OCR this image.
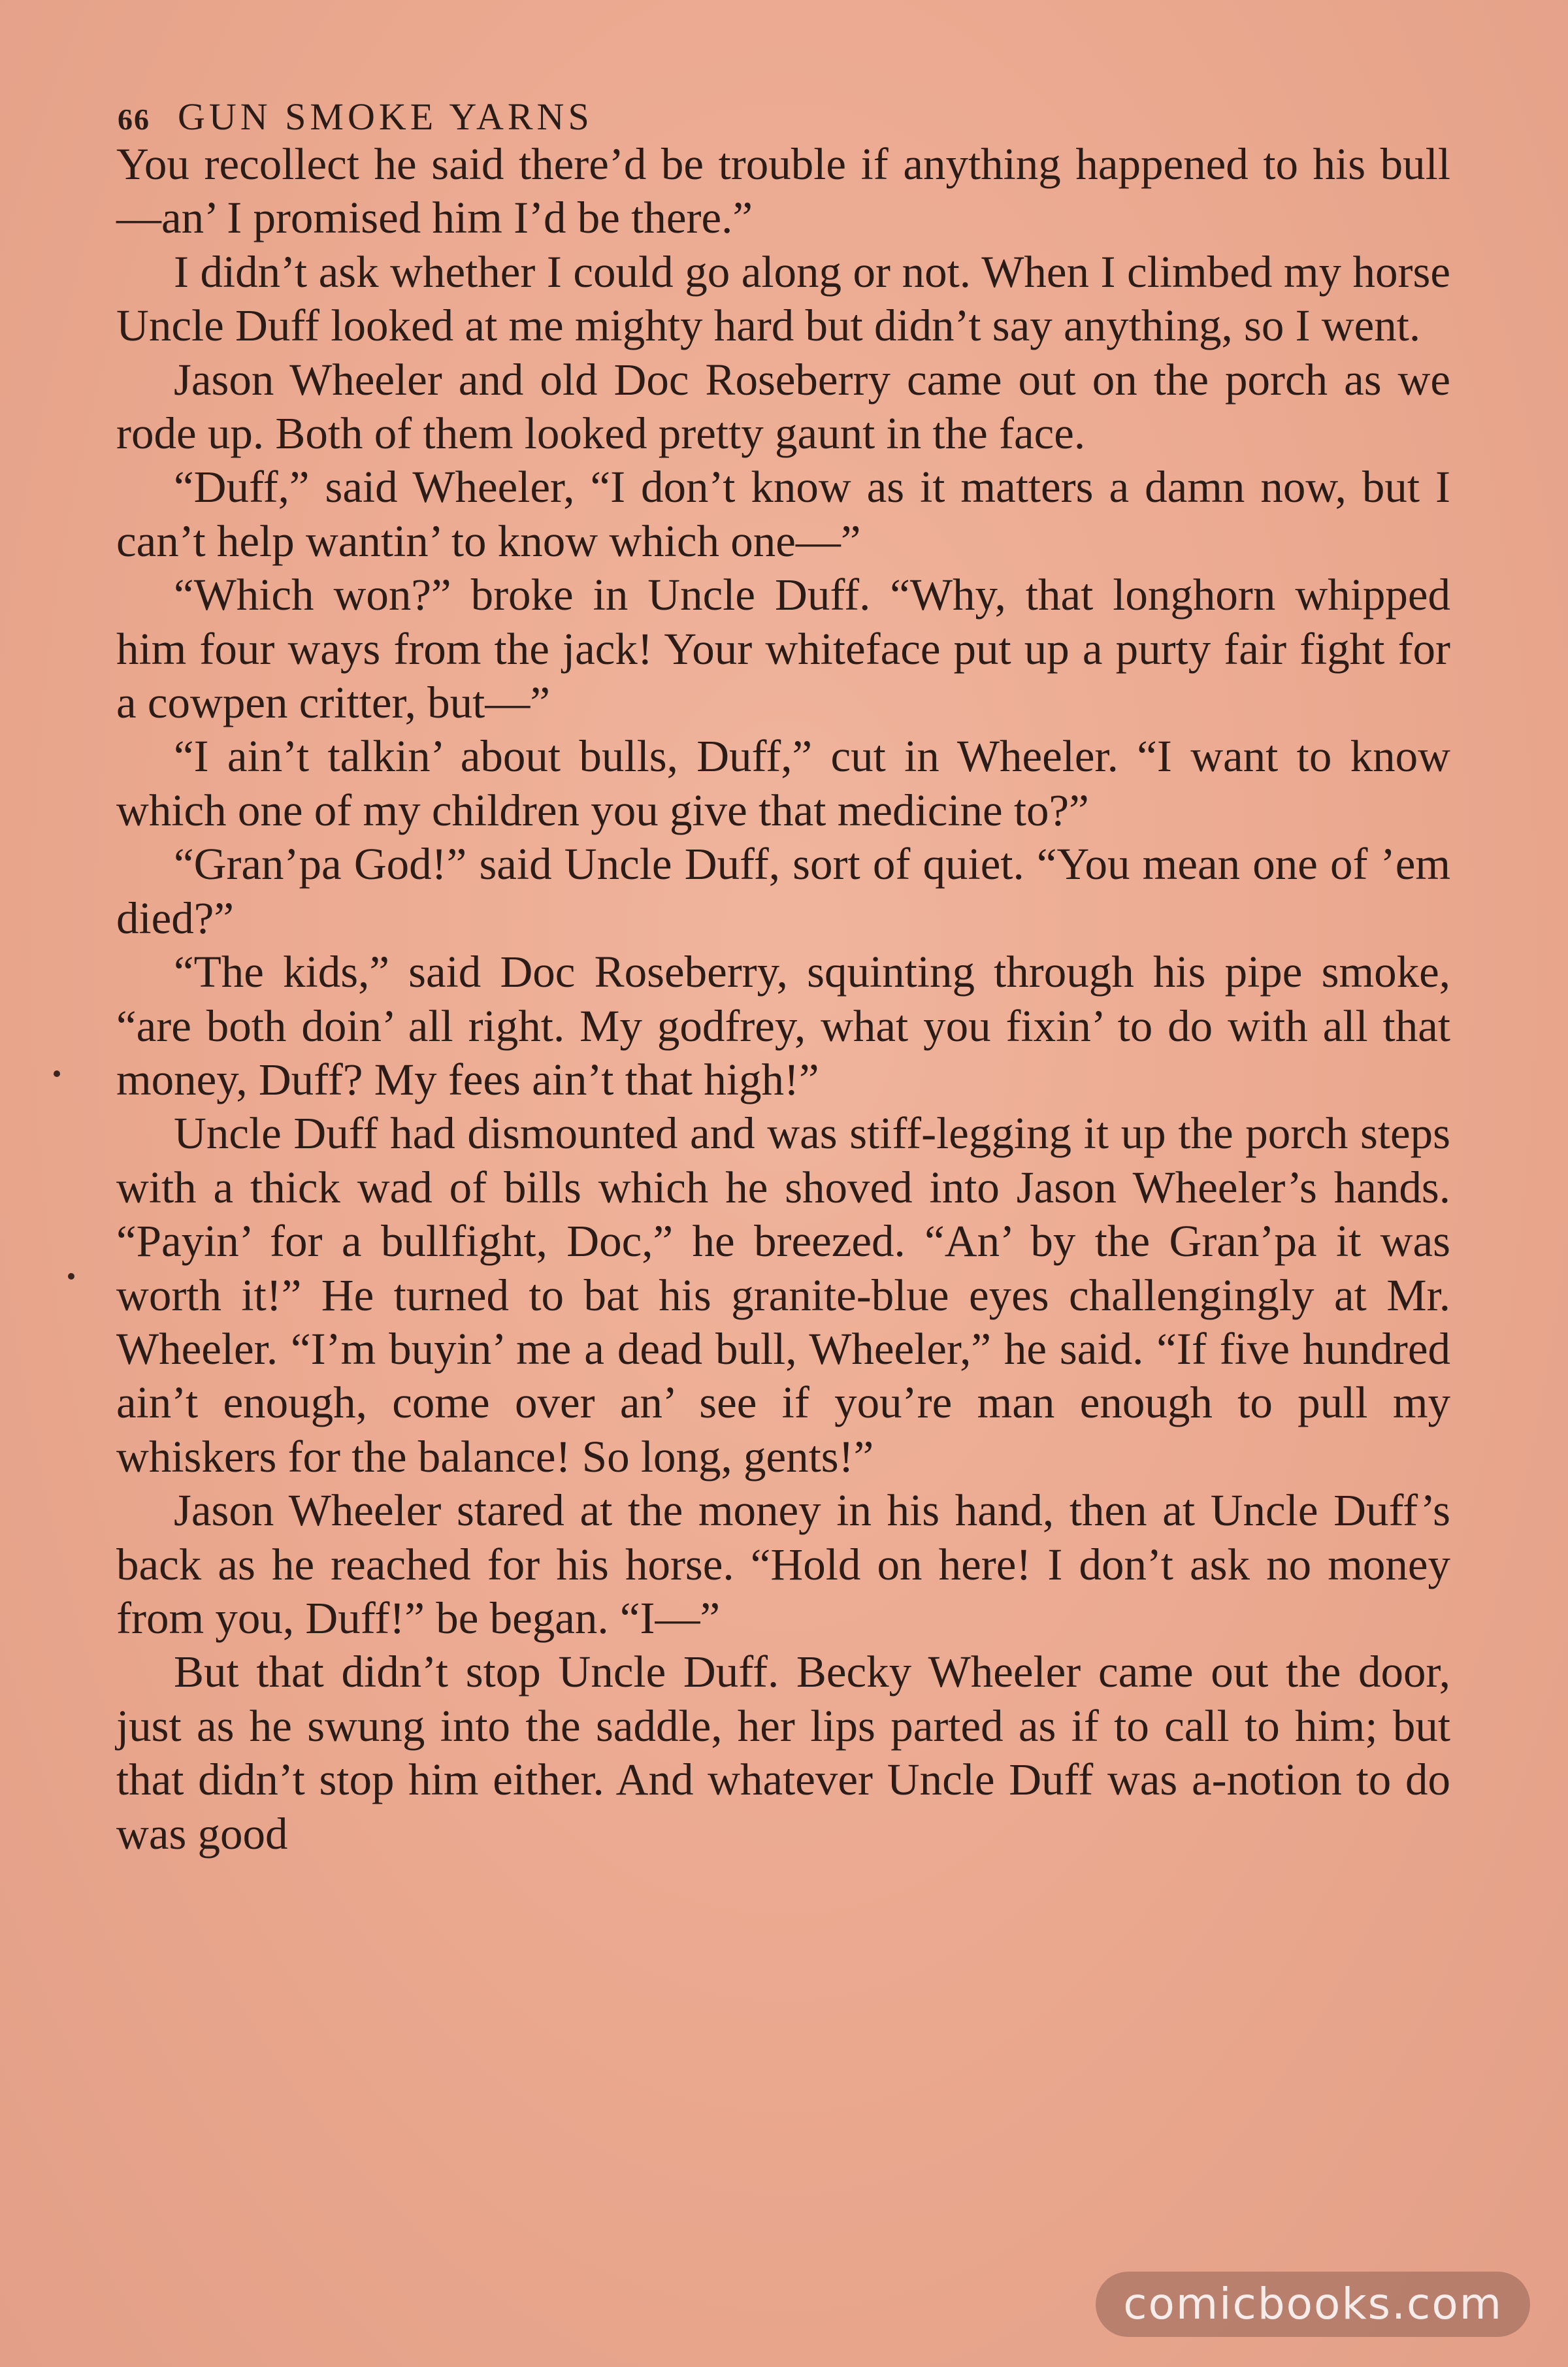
66 GUN SMOKE YARNS

You recollect he said there’d be trouble if anything happened to his bull—an’ I promised him I’d be there.”

I didn’t ask whether I could go along or not. When I climbed my horse Uncle Duff looked at me mighty hard but didn’t say anything, so I went.

Jason Wheeler and old Doc Roseberry came out on the porch as we rode up. Both of them looked pretty gaunt in the face.

“Duff,” said Wheeler, “I don’t know as it matters a damn now, but I can’t help wantin’ to know which one—”

“Which won?” broke in Uncle Duff. “Why, that longhorn whipped him four ways from the jack! Your whiteface put up a purty fair fight for a cowpen critter, but—”

“I ain’t talkin’ about bulls, Duff,” cut in Wheeler. “I want to know which one of my children you give that medicine to?”

“Gran’pa God!” said Uncle Duff, sort of quiet. “You mean one of ’em died?”

“The kids,” said Doc Roseberry, squinting through his pipe smoke, “are both doin’ all right. My godfrey, what you fixin’ to do with all that money, Duff? My fees ain’t that high!”

Uncle Duff had dismounted and was stiff-legging it up the porch steps with a thick wad of bills which he shoved into Jason Wheeler’s hands. “Payin’ for a bullfight, Doc,” he breezed. “An’ by the Gran’pa it was worth it!” He turned to bat his granite-blue eyes challengingly at Mr. Wheeler. “I’m buyin’ me a dead bull, Wheeler,” he said. “If five hundred ain’t enough, come over an’ see if you’re man enough to pull my whiskers for the balance! So long, gents!”

Jason Wheeler stared at the money in his hand, then at Uncle Duff’s back as he reached for his horse. “Hold on here! I don’t ask no money from you, Duff!” be began. “I—”

But that didn’t stop Uncle Duff. Becky Wheeler came out the door, just as he swung into the saddle, her lips parted as if to call to him; but that didn’t stop him either. And whatever Uncle Duff was a-notion to do was good

comicbooks.com
